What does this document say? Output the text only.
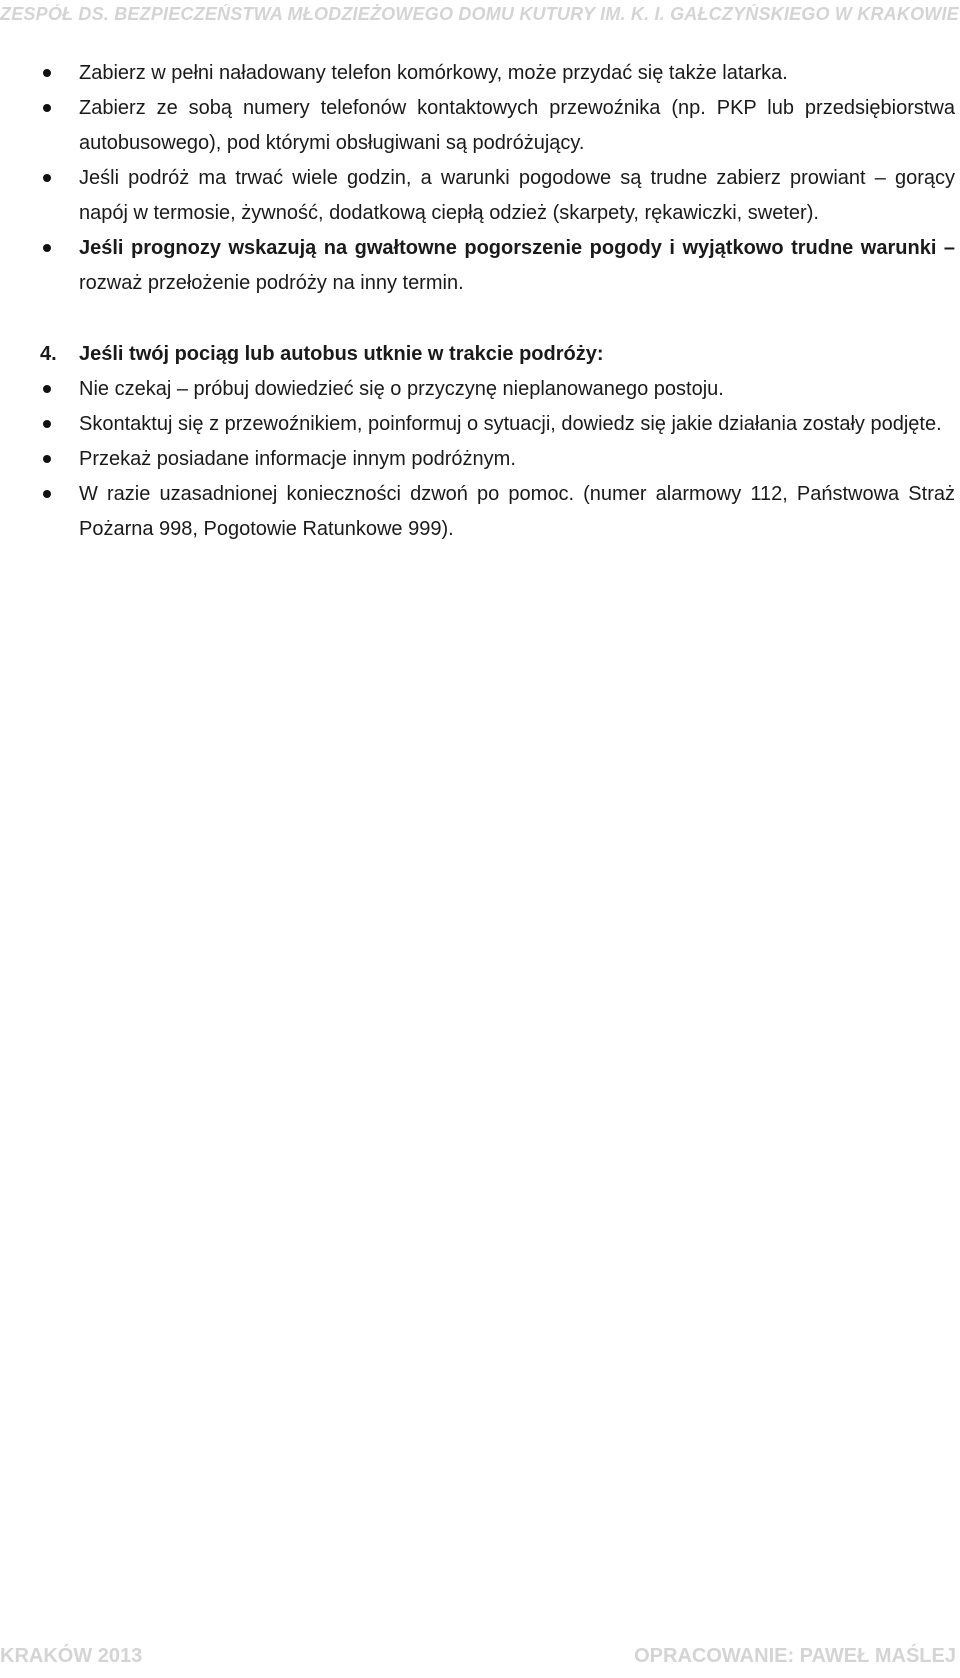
ZESPÓŁ DS. BEZPIECZEŃSTWA MŁODZIEŻOWEGO DOMU KUTURY IM. K. I. GAŁCZYŃSKIEGO W KRAKOWIE
Zabierz w pełni naładowany telefon komórkowy, może przydać się także latarka.
Zabierz ze sobą numery telefonów kontaktowych przewoźnika (np. PKP lub przedsiębiorstwa autobusowego), pod którymi obsługiwani są podróżujący.
Jeśli podróż ma trwać wiele godzin, a warunki pogodowe są trudne zabierz prowiant – gorący napój w termosie, żywność, dodatkową ciepłą odzież (skarpety, rękawiczki, sweter).
Jeśli prognozy wskazują na gwałtowne pogorszenie pogody i wyjątkowo trudne warunki – rozważ przełożenie podróży na inny termin.
4. Jeśli twój pociąg lub autobus utknie w trakcie podróży:
Nie czekaj – próbuj dowiedzieć się o przyczynę nieplanowanego postoju.
Skontaktuj się z przewoźnikiem, poinformuj o sytuacji, dowiedz się jakie działania zostały podjęte.
Przekaż posiadane informacje innym podróżnym.
W razie uzasadnionej konieczności dzwoń po pomoc. (numer alarmowy 112, Państwowa Straż Pożarna 998, Pogotowie Ratunkowe 999).
KRAKÓW 2013	OPRACOWANIE: PAWEŁ MAŚLEJ
